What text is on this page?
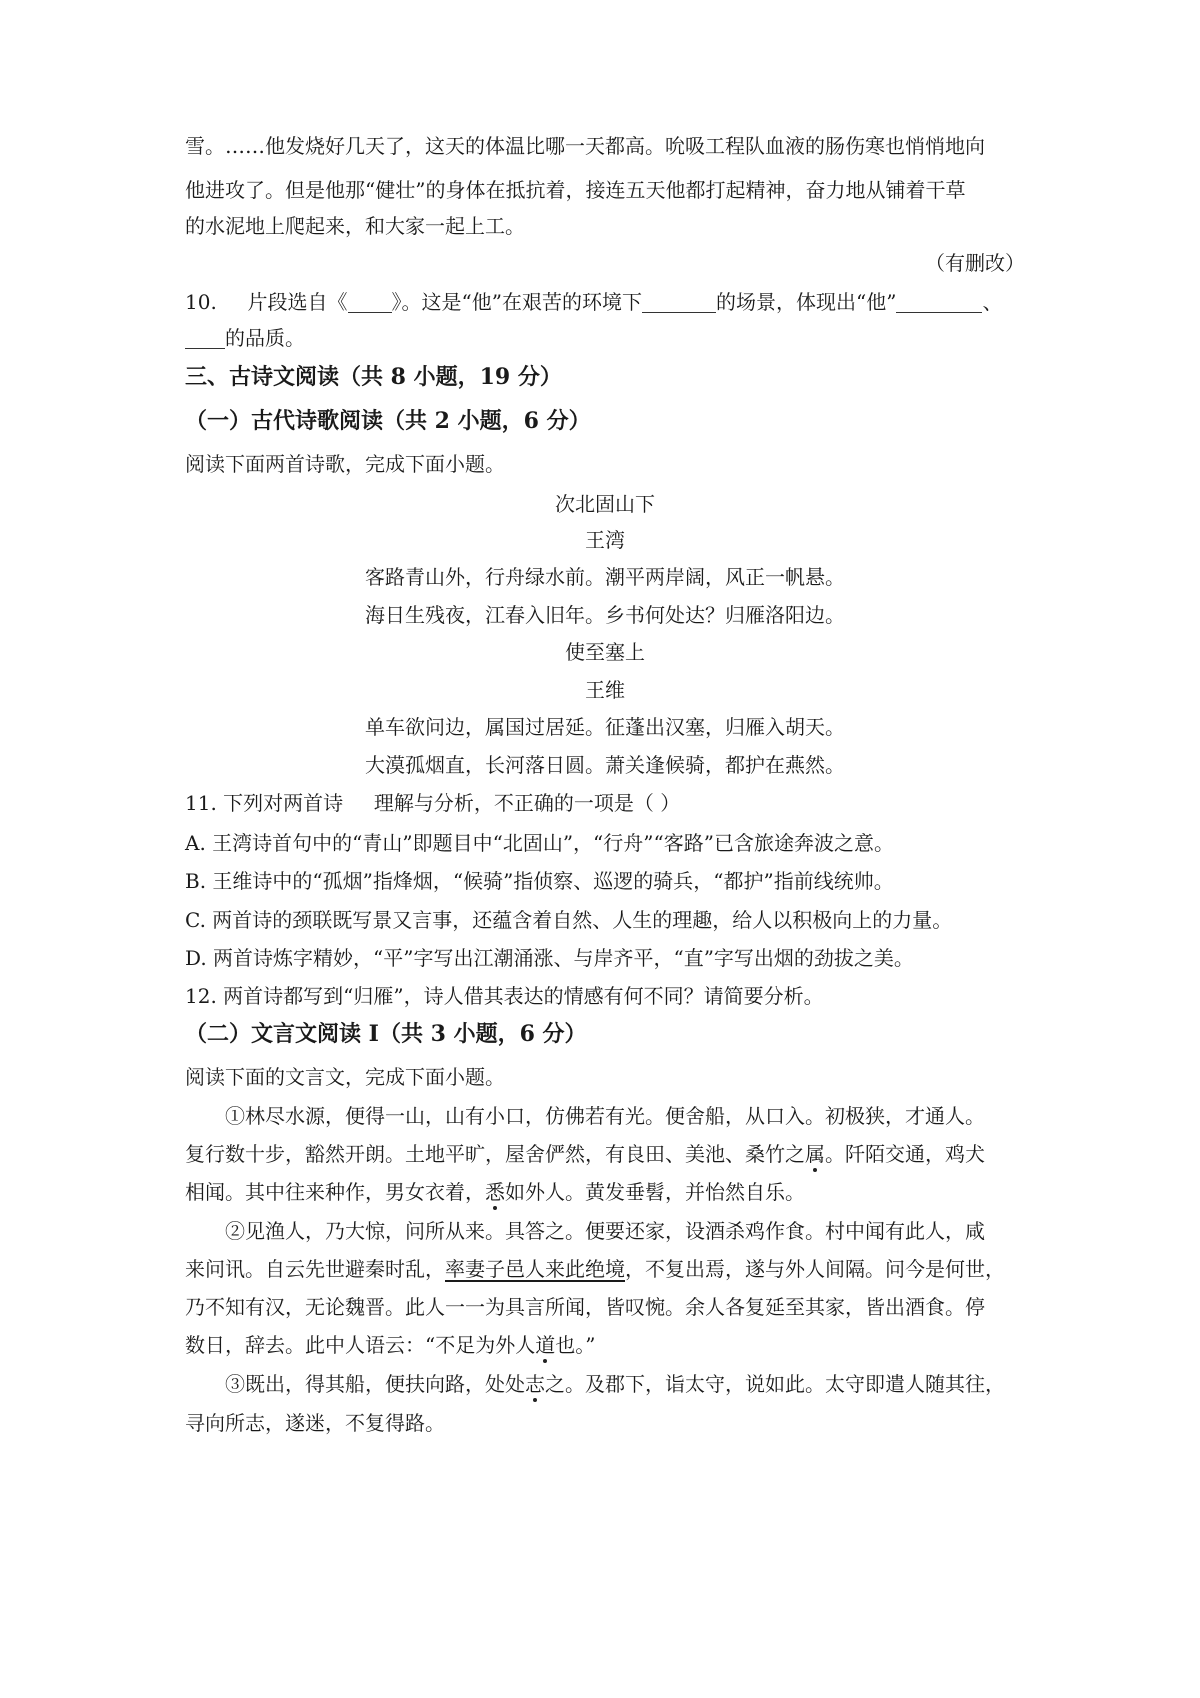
雪。……他发烧好几天了，这天的体温比哪一天都高。吮吸工程队血液的肠伤寒也悄悄地向
他进攻了。但是他那“健壮”的身体在抵抗着，接连五天他都打起精神，奋力地从铺着干草
的水泥地上爬起来，和大家一起上工。
（有删改）
10. 片段选自《 》。这是“他”在艰苦的环境下	的场景，体现出“他”	、
的品质。
三、古诗文阅读（共 8 小题，19 分）
（一）古代诗歌阅读（共 2 小题，6 分）
阅读下面两首诗歌，完成下面小题。
次北固山下
王湾
客路青山外，行舟绿水前。潮平两岸阔，风正一帆悬。
海日生残夜，江春入旧年。乡书何处达？归雁洛阳边。
使至塞上
王维
单车欲问边，属国过居延。征蓬出汉塞，归雁入胡天。
大漠孤烟直，长河落日圆。萧关逢候骑，都护在燕然。
11. 下列对两首诗 理解与分析，不正确的一项是（ ）
A. 王湾诗首句中的“青山”即题目中“北固山”，“行舟”“客路”已含旅途奔波之意。
B. 王维诗中的“孤烟”指烽烟，“候骑”指侦察、巡逻的骑兵，“都护”指前线统帅。
C. 两首诗的颈联既写景又言事，还蕴含着自然、人生的理趣，给人以积极向上的力量。
D. 两首诗炼字精妙，“平”字写出江潮涌涨、与岸齐平，“直”字写出烟的劲拔之美。
12. 两首诗都写到“归雁”，诗人借其表达的情感有何不同？请简要分析。
（二）文言文阅读 I（共 3 小题，6 分）
阅读下面的文言文，完成下面小题。
①林尽水源，便得一山，山有小口，仿佛若有光。便舍船，从口入。初极狭，才通人。
复行数十步，豁然开朗。土地平旷，屋舍俨然，有良田、美池、桑竹之属。阡陌交通，鸡犬
相闻。其中往来种作，男女衣着，悉如外人。黄发垂髫，并怡然自乐。
②见渔人，乃大惊，问所从来。具答之。便要还家，设酒杀鸡作食。村中闻有此人，咸
来问讯。自云先世避秦时乱，率妻子邑人来此绝境，不复出焉，遂与外人间隔。问今是何世，
乃不知有汉，无论魏晋。此人一一为具言所闻，皆叹惋。余人各复延至其家，皆出酒食。停
数日，辞去。此中人语云：“不足为外人道也。”
③既出，得其船，便扶向路，处处志之。及郡下，诣太守，说如此。太守即遣人随其往，
寻向所志，遂迷，不复得路。
